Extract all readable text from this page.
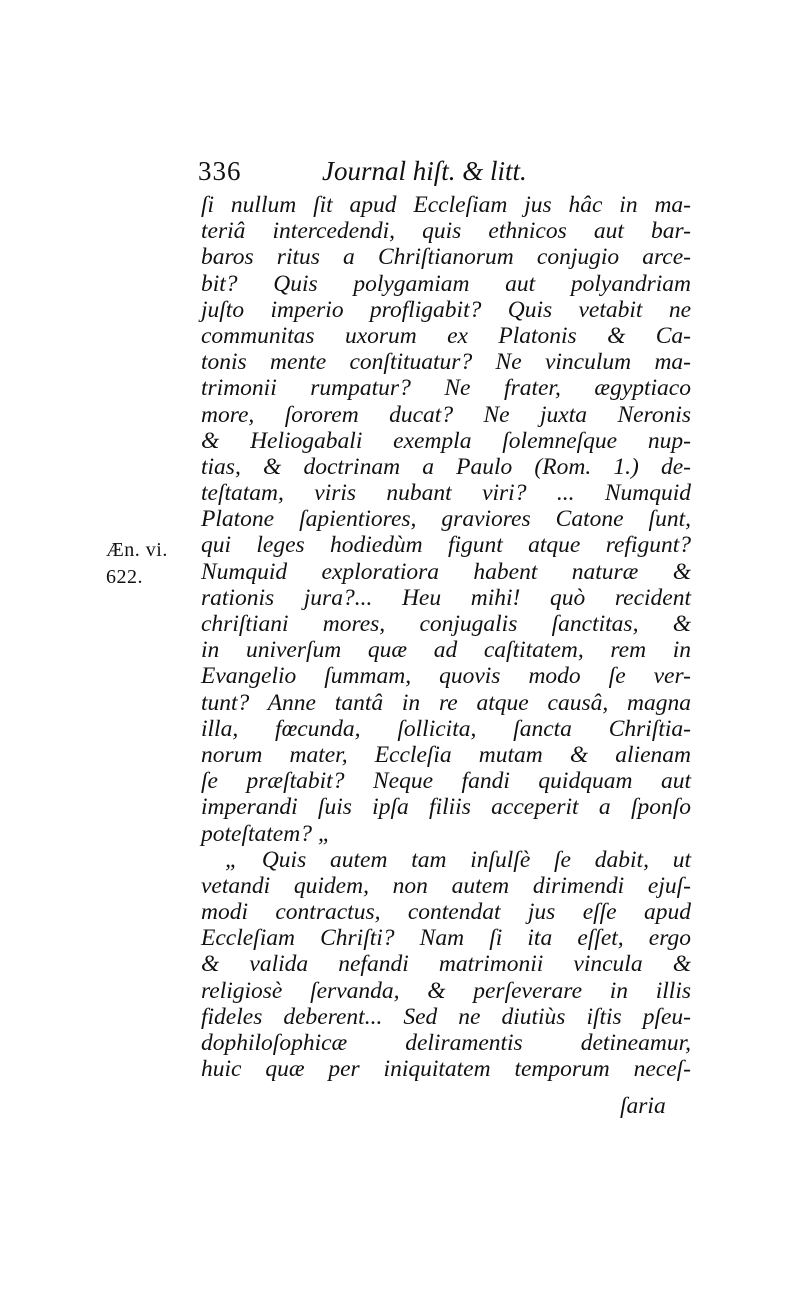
336	Journal hiſt. & litt.
Æn. vi.
622.
ſi nullum ſit apud Eccleſiam jus hâc in ma-
teriâ intercedendi, quis ethnicos aut bar-
baros ritus a Chriſtianorum conjugio arce-
bit? Quis polygamiam aut polyandriam
juſto imperio profligabit? Quis vetabit ne
communitas uxorum ex Platonis & Ca-
tonis mente conſtituatur? Ne vinculum ma-
trimonii rumpatur? Ne frater, ægyptiaco
more, ſororem ducat? Ne juxta Neronis
& Heliogabali exempla ſolemneſque nup-
tias, & doctrinam a Paulo (Rom. 1.) de-
teſtatam, viris nubant viri? ... Numquid
Platone ſapientiores, graviores Catone ſunt,
qui leges hodiedùm figunt atque refigunt?
Numquid exploratiora habent naturæ &
rationis jura?... Heu mihi! quò recident
chriſtiani mores, conjugalis ſanctitas, &
in univerſum quæ ad caſtitatem, rem in
Evangelio ſummam, quovis modo ſe ver-
tunt? Anne tantâ in re atque causâ, magna
illa, fœcunda, ſollicita, ſancta Chriſtia-
norum mater, Eccleſia mutam & alienam
ſe præſtabit? Neque fandi quidquam aut
imperandi ſuis ipſa filiis acceperit a ſponſo
poteſtatem? „
„ Quis autem tam inſulſè ſe dabit, ut
vetandi quidem, non autem dirimendi ejuſ-
modi contractus, contendat jus eſſe apud
Eccleſiam Chriſti? Nam ſi ita eſſet, ergo
& valida nefandi matrimonii vincula &
religiosè ſervanda, & perſeverare in illis
fideles deberent... Sed ne diutiùs iſtis pſeu-
dophiloſophicæ deliramentis detineamur,
huic quæ per iniquitatem temporum neceſ-
ſaria
